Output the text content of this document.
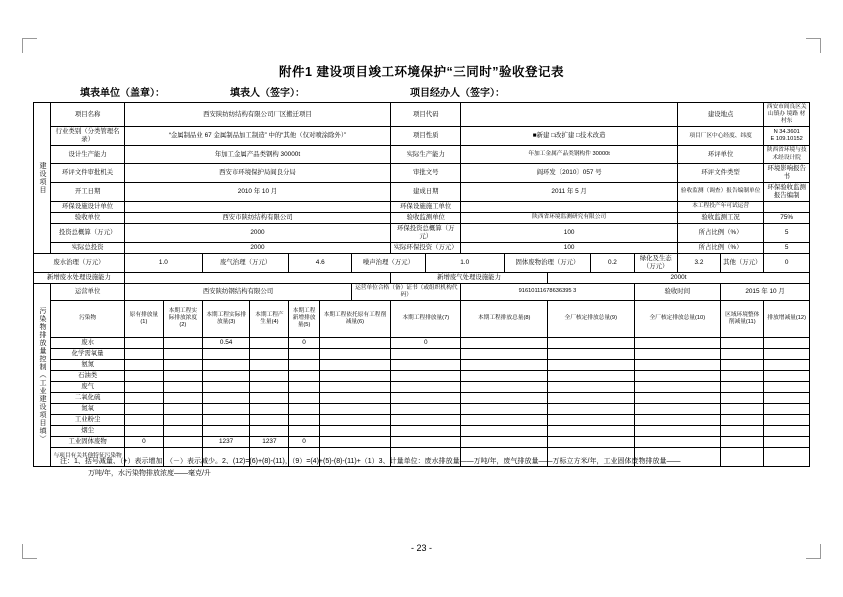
附件1 建设项目竣工环境保护“三同时”验收登记表
填表单位（盖章）：	填表人（签字）：	项目经办人（签字）：
建设项目	项目名称	西安陕纺纺结构有限公司厂区搬迁项目							项目代码							建设地点		西安市阎良区关山镇办 境路 材村东
	行业类别（分类管理名录）	“金属制品业 67 金属制品加工制造” 中的“其他（仅对喷涂除外）”							项目性质		■新建 □改扩建 □技术改造					项目厂区中心经度、纬度		N 34.3601
E 109.10152
	设计生产能力	年加工金属产品类钢构 30000t							实际生产能力		年加工金属产品类钢构件 30000t					环评单位		陕西省环境与技术经设计院
	环评文件审批机关	西安市环境保护局阎良分局							审批文号		阎环发〔2010〕057 号					环评文件类型		环境影响报告书
	开工日期	2010 年 10 月							建成日期		2011 年 5 月					验收监测（调查）报告编制单位		环保验收监测报告编制
	环保设施设计单位								环保设施施工单位							本工程投产年可试运营		
	验收单位	西安市陕纺结构有限公司							验收监测单位		陕西省环境监测研究有限公司					验收监测工况		75%
	投资总概算（万元）	2000							环保投资总概算（万元）		100					所占比例（%）		5
	实际总投资	2000							实际环保投资（万元）		100					所占比例（%）		5
废水治理（万元）		1.0		废气治理（万元）		4.6		噪声治理（万元）		1.0		固体废物治理（万元）		0.2	绿化及生态（万元）	3.2	其他（万元）	0
新增废水处理设施能力									新增废气处理设施能力				2000t					

污染物排放量控制（工业建设项目填）	运营单位	西安陕纺钢结构有限公司						运营单位合格（备）证书（或组织机构代码）			91610111678636395 3				验收时间		2015 年 10 月	
	污染物	原有排放量(1)	本期工程实际排放浓度(2)	本期工程实际排放量(3)	本期工程产生量(4)	本期工程新增排放量(5)	本期工程依托原有工程削减量(6)		本期工程排放量(7)		本期工程排放总量(8)		全厂核定排放总量(9)		全厂核定排放总量(10)		区域环境整体削减量(11)	排放增减量(12)
	废水			0.54		0			0									
	化学需氧量																	
	氨氮																	
	石油类																	
	废气																	
	二氧化硫																	
	氮氧																	
	工业粉尘																	
	烟尘																	
	工业固体废物	0		1237	1237	0												
	与项目有关其他特征污染物																	
注：1、括号减量、（+）表示增加，（－）表示减少。2、(12)=(6)+(8)-(11)，（9）=(4)+(5)-(8)-(11)+（1）3、计量单位：废水排放量——万吨/年，废气排放量——万标立方米/年，工业固体废物排放量——
万吨/年，水污染物排放浓度——毫克/升
- 23 -
